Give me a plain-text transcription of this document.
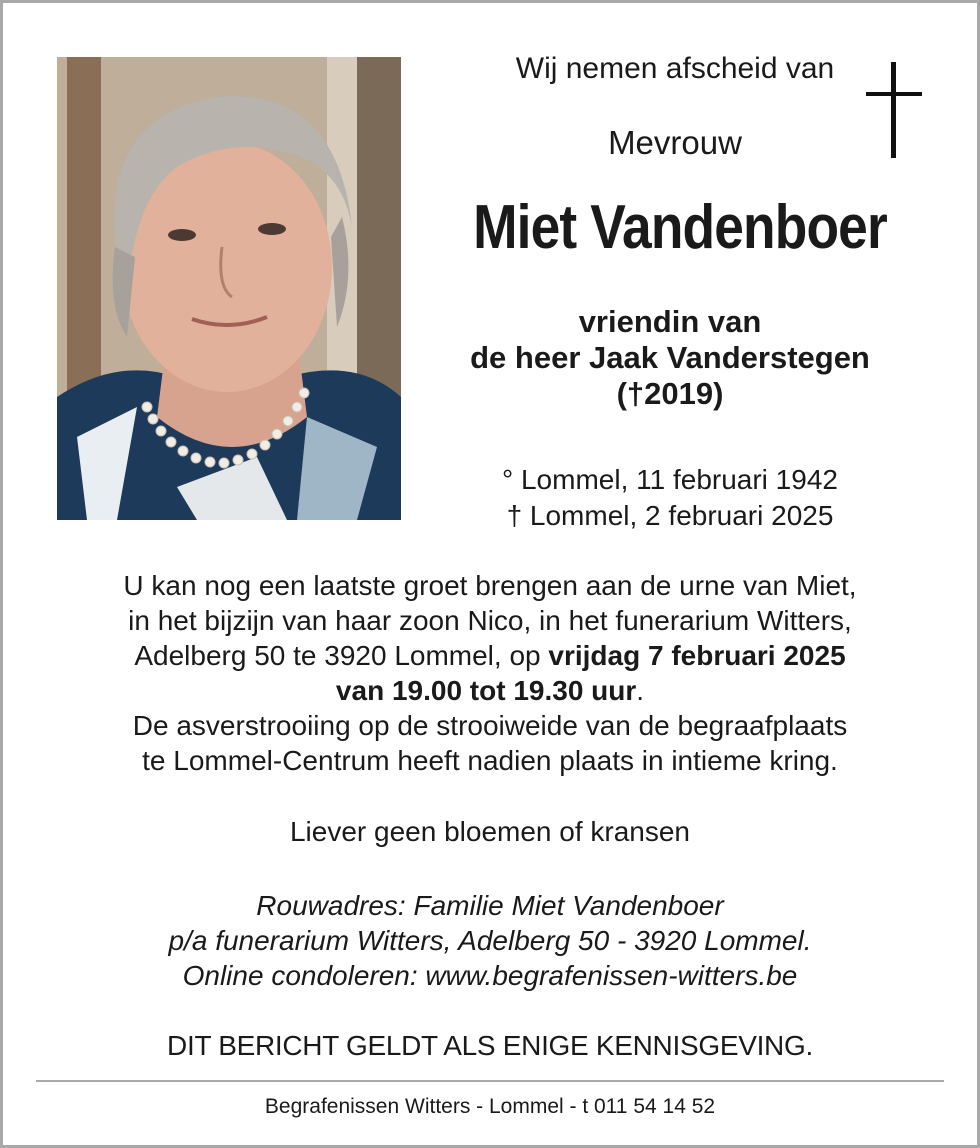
Wij nemen afscheid van
Mevrouw
Miet Vandenboer
vriendin van
de heer Jaak Vanderstegen
(†2019)
° Lommel, 11 februari 1942
† Lommel, 2 februari 2025
U kan nog een laatste groet brengen aan de urne van Miet,
in het bijzijn van haar zoon Nico, in het funerarium Witters,
Adelberg 50 te 3920 Lommel, op vrijdag 7 februari 2025
van 19.00 tot 19.30 uur.
De asverstrooiing op de strooiweide van de begraafplaats
te Lommel-Centrum heeft nadien plaats in intieme kring.
Liever geen bloemen of kransen
Rouwadres: Familie Miet Vandenboer
p/a funerarium Witters, Adelberg 50 - 3920 Lommel.
Online condoleren: www.begrafenissen-witters.be
DIT BERICHT GELDT ALS ENIGE KENNISGEVING.
Begrafenissen Witters - Lommel - t 011 54 14 52
